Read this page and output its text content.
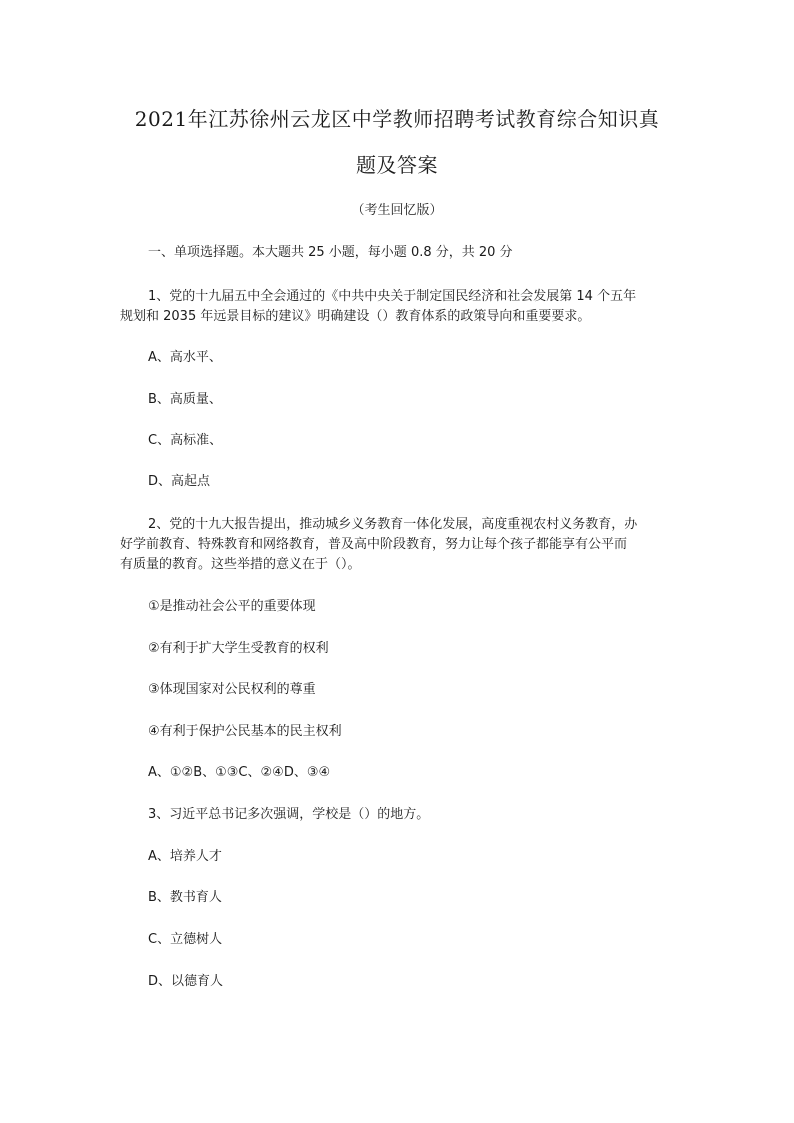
2021年江苏徐州云龙区中学教师招聘考试教育综合知识真
题及答案
（考生回忆版）
一、单项选择题。本大题共 25 小题，每小题 0.8 分，共 20 分
1、党的十九届五中全会通过的《中共中央关于制定国民经济和社会发展第 14 个五年
规划和 2035 年远景目标的建议》明确建设（）教育体系的政策导向和重要要求。
A、高水平、
B、高质量、
C、高标准、
D、高起点
2、党的十九大报告提出，推动城乡义务教育一体化发展，高度重视农村义务教育，办
好学前教育、特殊教育和网络教育，普及高中阶段教育，努力让每个孩子都能享有公平而
有质量的教育。这些举措的意义在于（）。
①是推动社会公平的重要体现
②有利于扩大学生受教育的权利
③体现国家对公民权利的尊重
④有利于保护公民基本的民主权利
A、①②B、①③C、②④D、③④
3、习近平总书记多次强调，学校是（）的地方。
A、培养人才
B、教书育人
C、立德树人
D、以德育人
